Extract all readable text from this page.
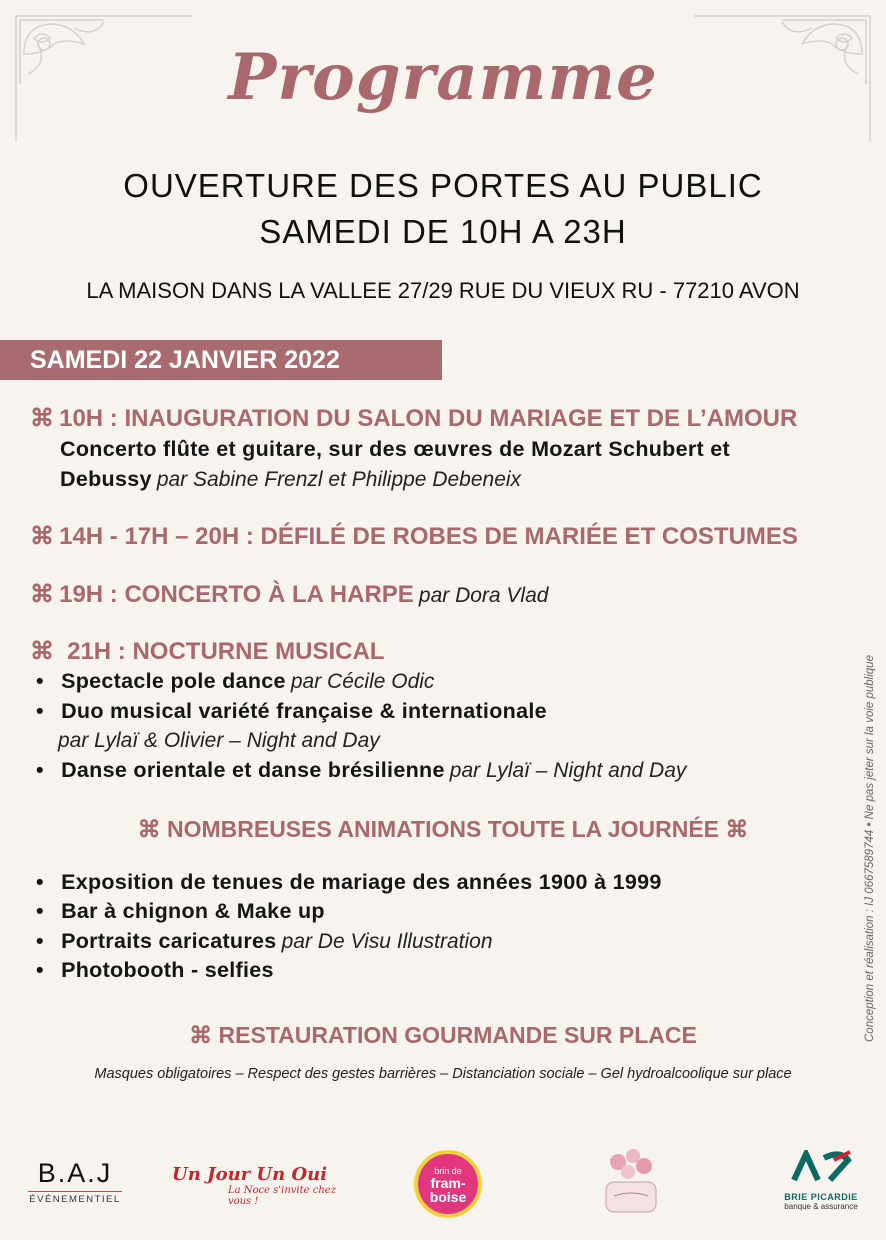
Programme
OUVERTURE DES PORTES AU PUBLIC
SAMEDI DE 10H A 23H
LA MAISON DANS LA VALLEE 27/29 RUE DU VIEUX RU - 77210 AVON
SAMEDI 22 JANVIER 2022
⌘ 10H : INAUGURATION DU SALON DU MARIAGE ET DE L’AMOUR
Concerto flûte et guitare, sur des œuvres de Mozart Schubert et
Debussy par Sabine Frenzl et Philippe Debeneix
⌘ 14H - 17H – 20H : DÉFILÉ DE ROBES DE MARIÉE ET COSTUMES
⌘ 19H : CONCERTO À LA HARPE par Dora Vlad
⌘ 21H : NOCTURNE MUSICAL
• Spectacle pole dance par Cécile Odic
• Duo musical variété française & internationale
par Lylaï & Olivier – Night and Day
• Danse orientale et danse brésilienne par Lylaï – Night and Day
⌘ NOMBREUSES ANIMATIONS TOUTE LA JOURNÉE ⌘
• Exposition de tenues de mariage des années 1900 à 1999
• Bar à chignon & Make up
• Portraits caricatures par De Visu Illustration
• Photobooth - selfies
⌘ RESTAURATION GOURMANDE SUR PLACE
Masques obligatoires – Respect des gestes barrières – Distanciation sociale – Gel hydroalcoolique sur place
Conception et réalisation : IJ 0667589744 • Ne pas jeter sur la voie publique
B.A.J
ÉVÉNEMENTIEL
Un Jour Un Oui
La Noce s'invite chez vous !
brin de
fram-
boise	BRIE PICARDIE
banque & assurance
